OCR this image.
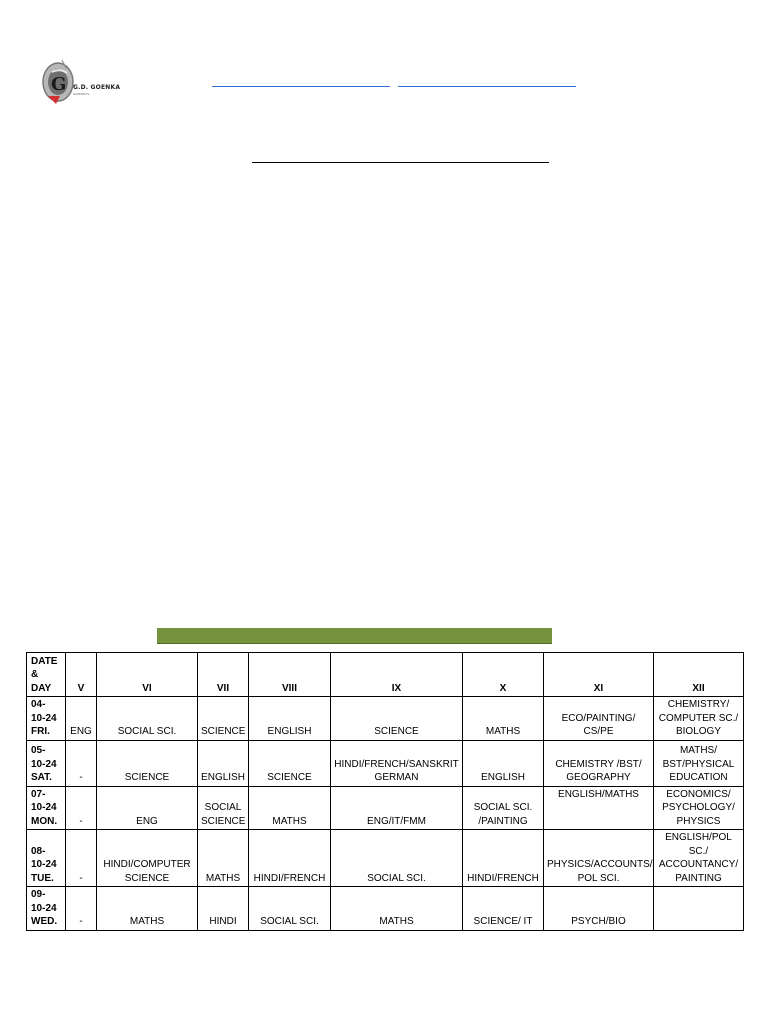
G G.D. GOENKA
GATEWAYS
DATE
&
DAY	V	VI	VII	VIII	IX	X	XI	XII
04-
10-24
FRI.	ENG	SOCIAL SCI.	SCIENCE	ENGLISH	SCIENCE	MATHS	ECO/PAINTING/
CS/PE	CHEMISTRY/
COMPUTER SC./
BIOLOGY
05-
10-24
SAT.	-	SCIENCE	ENGLISH	SCIENCE	HINDI/FRENCH/SANSKRIT
GERMAN	ENGLISH	CHEMISTRY /BST/
GEOGRAPHY	MATHS/
BST/PHYSICAL
EDUCATION
07-
10-24
MON.	-	ENG	SOCIAL
SCIENCE	MATHS	ENG/IT/FMM	SOCIAL SCI.
/PAINTING	ENGLISH/MATHS	ECONOMICS/
PSYCHOLOGY/
PHYSICS
08-
10-24
TUE.	-	HINDI/COMPUTER
SCIENCE	MATHS	HINDI/FRENCH	SOCIAL SCI.	HINDI/FRENCH	PHYSICS/ACCOUNTS/
POL SCI.	ENGLISH/POL
SC./
ACCOUNTANCY/
PAINTING
09-
10-24
WED.	-	MATHS	HINDI	SOCIAL SCI.	MATHS	SCIENCE/ IT	PSYCH/BIO	
